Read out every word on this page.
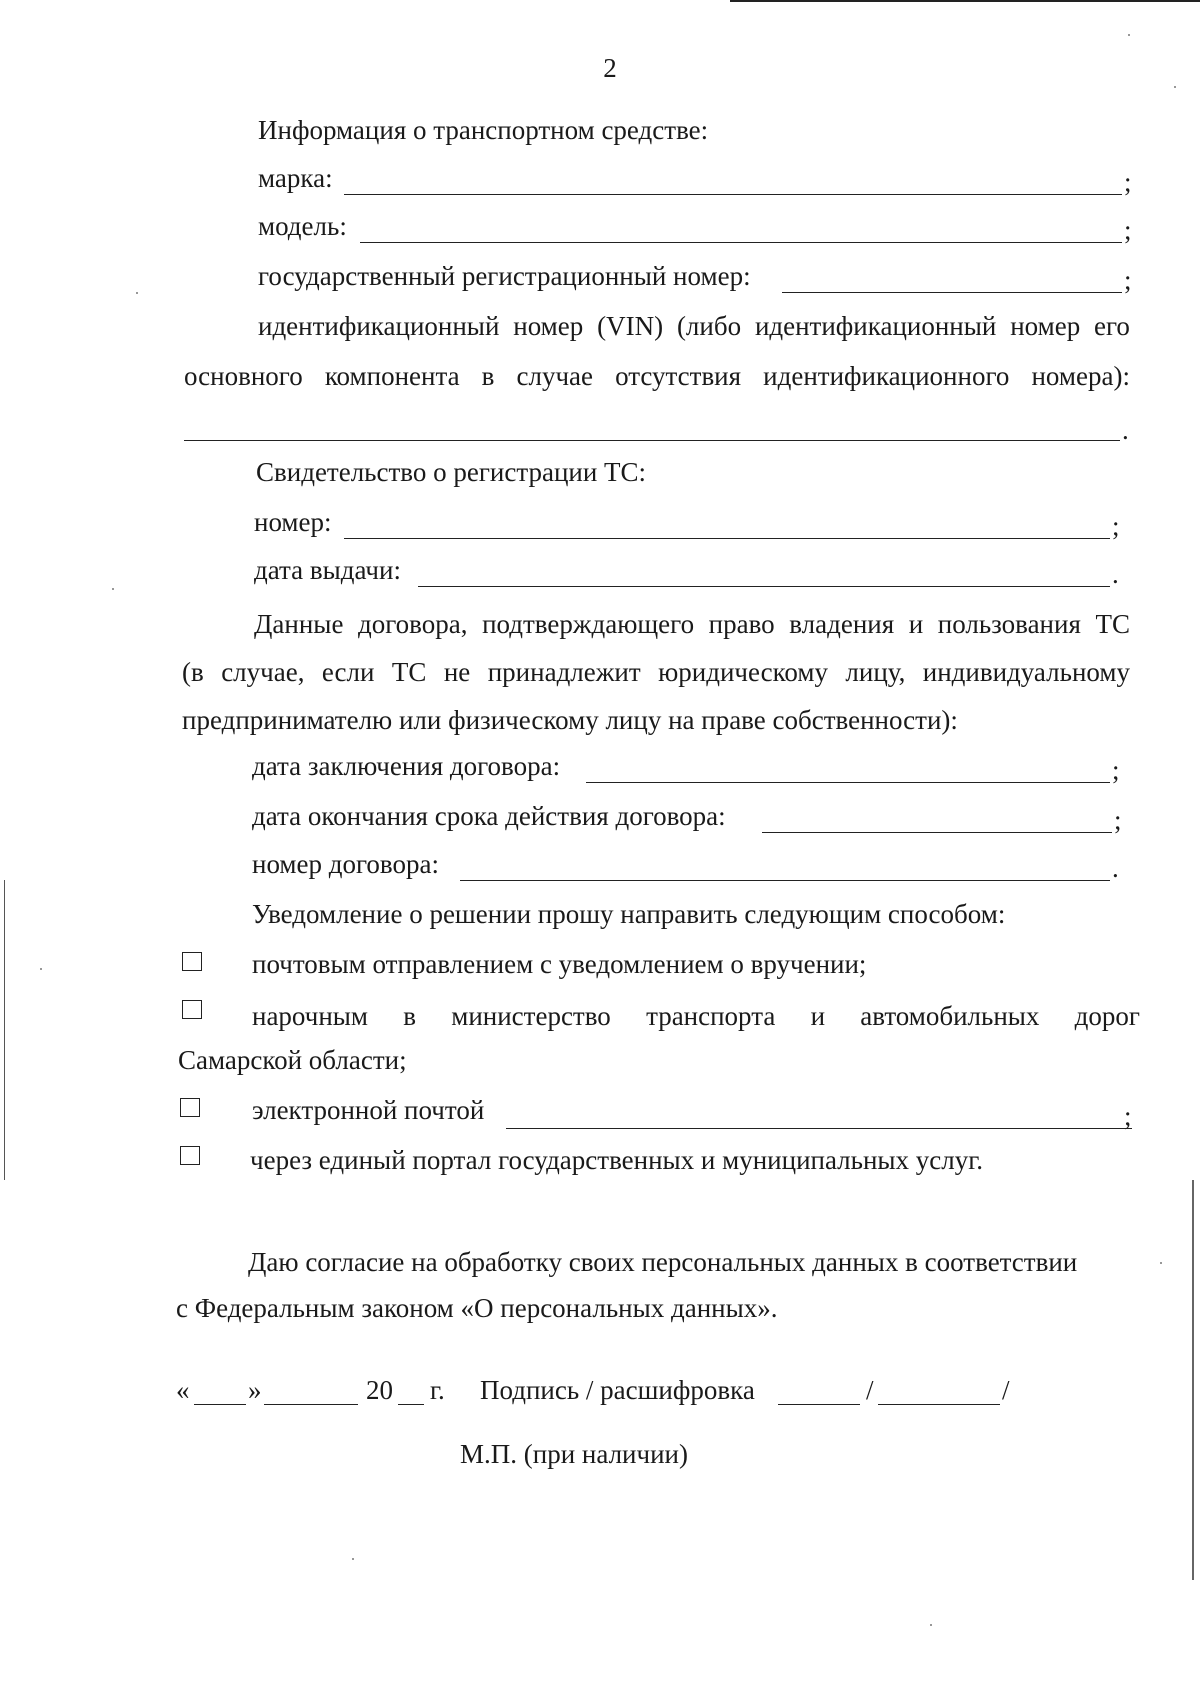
2
Информация о транспортном средстве:
марка:	;
модель:	;
государственный регистрационный номер:	;
идентификационный номер (VIN) (либо идентификационный номер его
основного компонента в случае отсутствия идентификационного номера):
.
Свидетельство о регистрации ТС:
номер:	;
дата выдачи:	.
Данные договора, подтверждающего право владения и пользования ТС
(в случае, если ТС не принадлежит юридическому лицу, индивидуальному
предпринимателю или физическому лицу на праве собственности):
дата заключения договора:	;
дата окончания срока действия договора:	;
номер договора:	.
Уведомление о решении прошу направить следующим способом:
почтовым отправлением с уведомлением о вручении;
нарочным в министерство транспорта и автомобильных дорог
Самарской области;
электронной почтой	;
через единый портал государственных и муниципальных услуг.
Даю согласие на обработку своих персональных данных в соответствии
с Федеральным законом «О персональных данных».
« »	20 г. Подпись / расшифровка	/	/
М.П. (при наличии)
